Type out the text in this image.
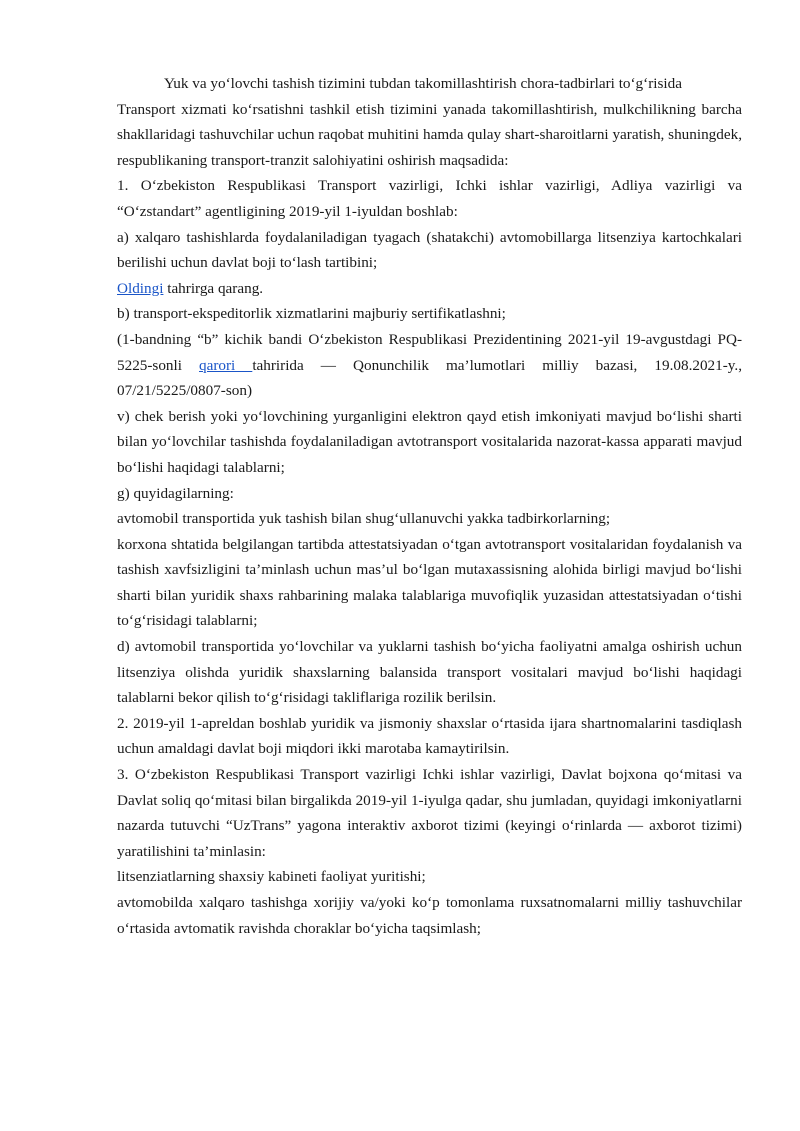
Yuk va yo‘lovchi tashish tizimini tubdan takomillashtirish chora-tadbirlari to‘g‘risida

Transport xizmati ko‘rsatishni tashkil etish tizimini yanada takomillashtirish, mulkchilikning barcha shakllaridagi tashuvchilar uchun raqobat muhitini hamda qulay shart-sharoitlarni yaratish, shuningdek, respublikaning transport-tranzit salohiyatini oshirish maqsadida:

1. O‘zbekiston Respublikasi Transport vazirligi, Ichki ishlar vazirligi, Adliya vazirligi va “O‘zstandart” agentligining 2019-yil 1-iyuldan boshlab:

a) xalqaro tashishlarda foydalaniladigan tyagach (shatakchi) avtomobillarga litsenziya kartochkalari berilishi uchun davlat boji to‘lash tartibini;

Oldingi tahrirga qarang.

b) transport-ekspeditorlik xizmatlarini majburiy sertifikatlashni;

(1-bandning “b” kichik bandi O‘zbekiston Respublikasi Prezidentining 2021-yil 19-avgustdagi PQ-5225-sonli qarori tahririda — Qonunchilik ma’lumotlari milliy bazasi, 19.08.2021-y., 07/21/5225/0807-son)

v) chek berish yoki yo‘lovchining yurganligini elektron qayd etish imkoniyati mavjud bo‘lishi sharti bilan yo‘lovchilar tashishda foydalaniladigan avtotransport vositalarida nazorat-kassa apparati mavjud bo‘lishi haqidagi talablarni;

g) quyidagilarning:

avtomobil transportida yuk tashish bilan shug‘ullanuvchi yakka tadbirkorlarning;

korxona shtatida belgilangan tartibda attestatsiyadan o‘tgan avtotransport vositalaridan foydalanish va tashish xavfsizligini ta’minlash uchun mas’ul bo‘lgan mutaxassisning alohida birligi mavjud bo‘lishi sharti bilan yuridik shaxs rahbarining malaka talablariga muvofiqlik yuzasidan attestatsiyadan o‘tishi to‘g‘risidagi talablarni;

d) avtomobil transportida yo‘lovchilar va yuklarni tashish bo‘yicha faoliyatni amalga oshirish uchun litsenziya olishda yuridik shaxslarning balansida transport vositalari mavjud bo‘lishi haqidagi talablarni bekor qilish to‘g‘risidagi takliflariga rozilik berilsin.

2. 2019-yil 1-apreldan boshlab yuridik va jismoniy shaxslar o‘rtasida ijara shartnomalarini tasdiqlash uchun amaldagi davlat boji miqdori ikki marotaba kamaytirilsin.

3. O‘zbekiston Respublikasi Transport vazirligi Ichki ishlar vazirligi, Davlat bojxona qo‘mitasi va Davlat soliq qo‘mitasi bilan birgalikda 2019-yil 1-iyulga qadar, shu jumladan, quyidagi imkoniyatlarni nazarda tutuvchi “UzTrans” yagona interaktiv axborot tizimi (keyingi o‘rinlarda — axborot tizimi) yaratilishini ta’minlasin:

litsenziatlarning shaxsiy kabineti faoliyat yuritishi;

avtomobilda xalqaro tashishga xorijiy va/yoki ko‘p tomonlama ruxsatnomalarni milliy tashuvchilar o‘rtasida avtomatik ravishda choraklar bo‘yicha taqsimlash;
